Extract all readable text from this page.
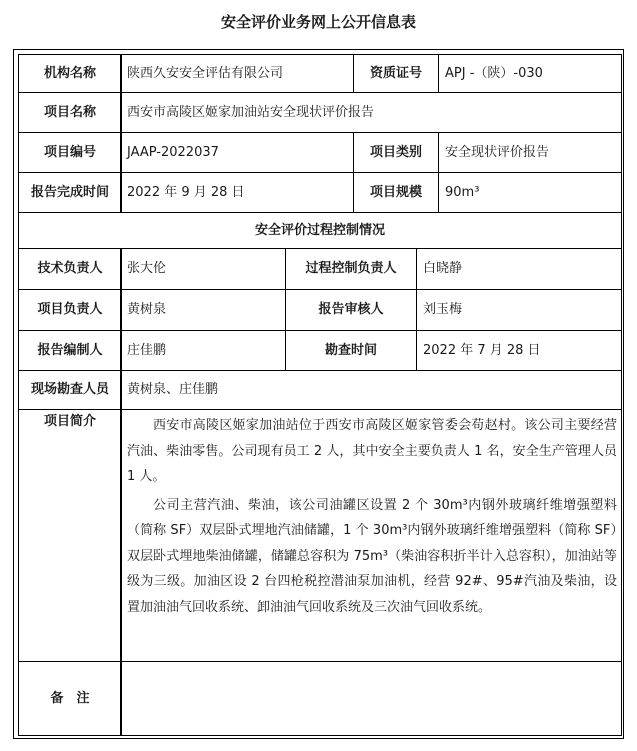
安全评价业务网上公开信息表
机构名称	陕西久安安全评估有限公司	资质证号	APJ -（陕）-030
项目名称	西安市高陵区姬家加油站安全现状评价报告
项目编号	JAAP-2022037	项目类别	安全现状评价报告
报告完成时间	2022 年 9 月 28 日	项目规模	90m³
安全评价过程控制情况
技术负责人	张大伦	过程控制负责人	白晓静
项目负责人	黄树泉	报告审核人	刘玉梅
报告编制人	庄佳鹏	勘查时间	2022 年 7 月 28 日
现场勘查人员	黄树泉、庄佳鹏
项目简介	西安市高陵区姬家加油站位于西安市高陵区姬家管委会苟赵村。该公司主要经营汽油、柴油零售。公司现有员工 2 人，其中安全主要负责人 1 名，安全生产管理人员 1 人。

公司主营汽油、柴油，该公司油罐区设置 2 个 30m³内钢外玻璃纤维增强塑料（简称 SF）双层卧式埋地汽油储罐，1 个 30m³内钢外玻璃纤维增强塑料（简称 SF）双层卧式埋地柴油储罐，储罐总容积为 75m³（柴油容积折半计入总容积），加油站等级为三级。加油区设 2 台四枪税控潜油泵加油机，经营 92#、95#汽油及柴油，设置加油油气回收系统、卸油油气回收系统及三次油气回收系统。

备　注
